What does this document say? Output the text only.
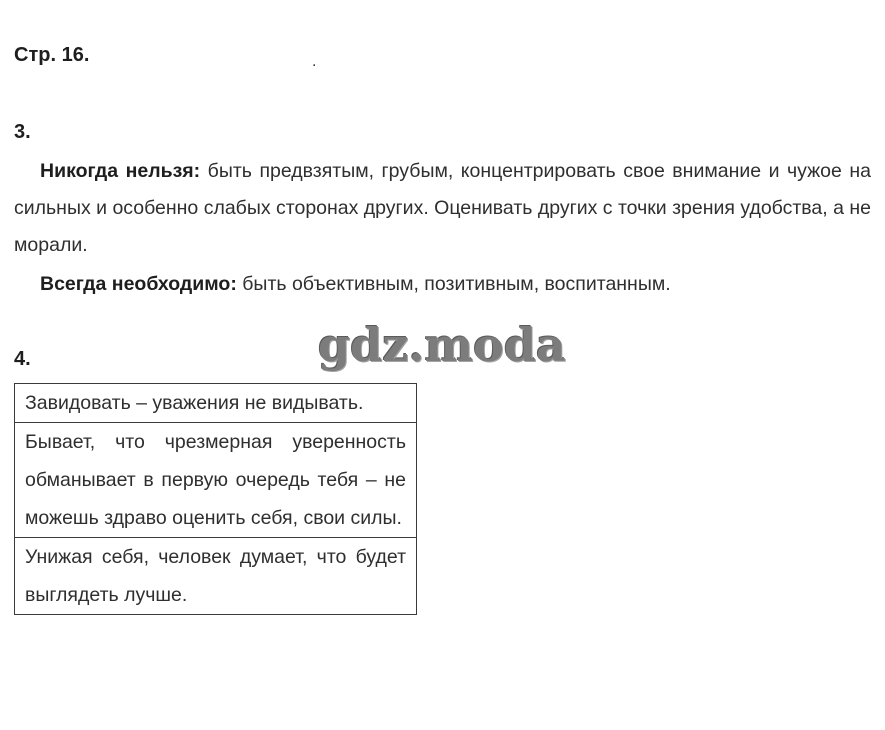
Стр. 16.	.
3.
Никогда нельзя: быть предвзятым, грубым, концентрировать свое внимание и чужое на сильных и особенно слабых сторонах других. Оценивать других с точки зрения удобства, а не морали.
Всегда необходимо: быть объективным, позитивным, воспитанным.
gdz.moda
4.
Завидовать – уважения не видывать.
Бывает, что чрезмерная уверенность обманывает в первую очередь тебя – не можешь здраво оценить себя, свои силы.
Унижая себя, человек думает, что будет выглядеть лучше.
